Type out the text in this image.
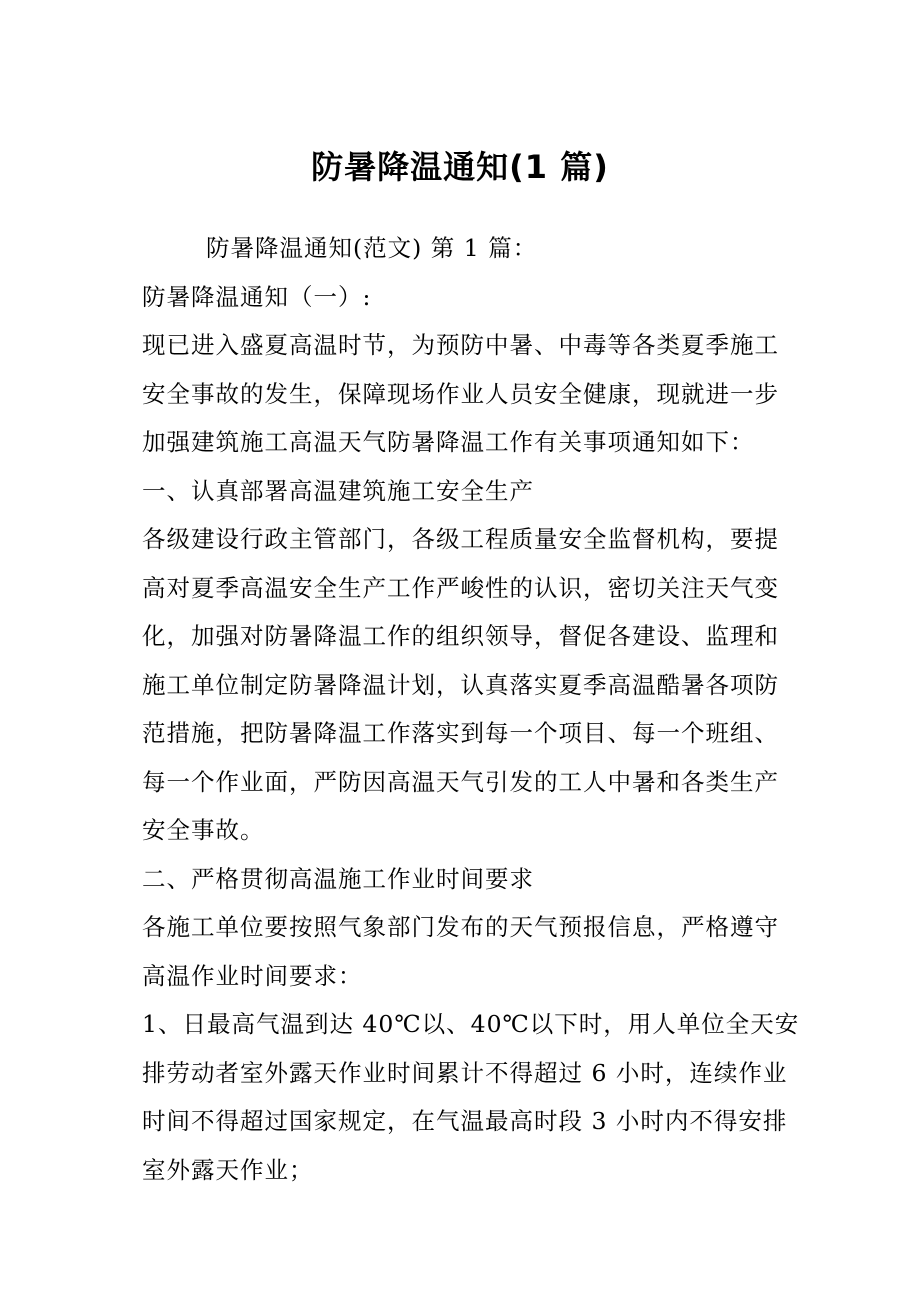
防暑降温通知(1 篇)

防暑降温通知(范文) 第 1 篇：

防暑降温通知（一）:

现已进入盛夏高温时节，为预防中暑、中毒等各类夏季施工

安全事故的发生，保障现场作业人员安全健康，现就进一步

加强建筑施工高温天气防暑降温工作有关事项通知如下：

一、认真部署高温建筑施工安全生产

各级建设行政主管部门，各级工程质量安全监督机构，要提

高对夏季高温安全生产工作严峻性的认识，密切关注天气变

化，加强对防暑降温工作的组织领导，督促各建设、监理和

施工单位制定防暑降温计划，认真落实夏季高温酷暑各项防

范措施，把防暑降温工作落实到每一个项目、每一个班组、

每一个作业面，严防因高温天气引发的工人中暑和各类生产

安全事故。

二、严格贯彻高温施工作业时间要求

各施工单位要按照气象部门发布的天气预报信息，严格遵守

高温作业时间要求：

1、日最高气温到达 40℃以、40℃以下时，用人单位全天安

排劳动者室外露天作业时间累计不得超过 6 小时，连续作业

时间不得超过国家规定，在气温最高时段 3 小时内不得安排

室外露天作业；
